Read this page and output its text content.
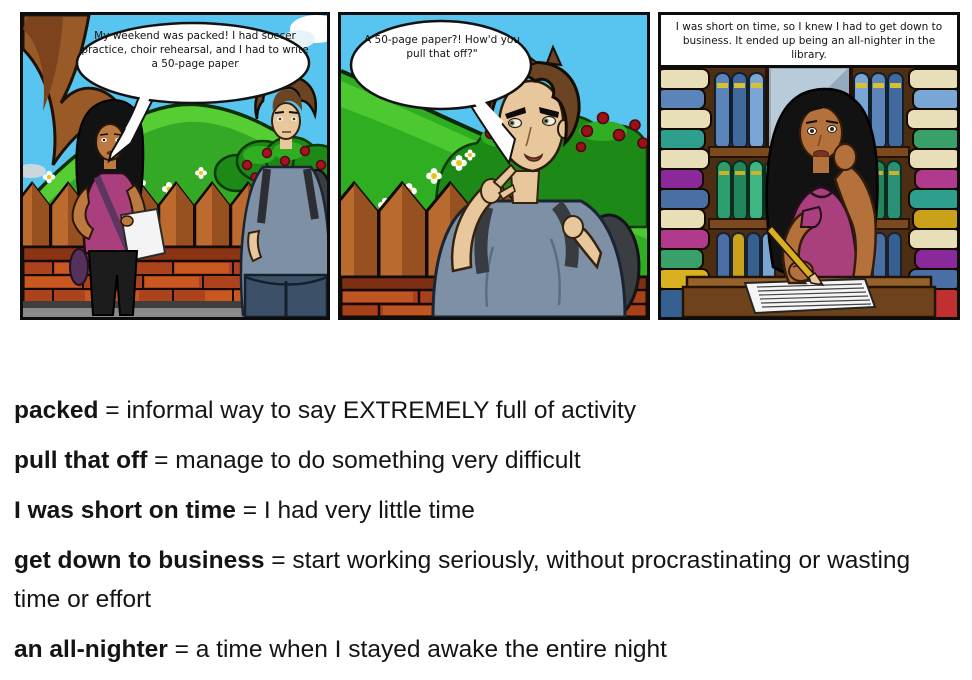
My weekend was packed! I had soccer practice, choir rehearsal, and I had to write a 50-page paper
A 50-page paper?! How'd you pull that off?"
I was short on time, so I knew I had to get down to business. It ended up being an all-nighter in the library.

packed = informal way to say EXTREMELY full of activity

pull that off = manage to do something very difficult

I was short on time = I had very little time

get down to business = start working seriously, without procrastinating or wasting time or effort

an all-nighter = a time when I stayed awake the entire night
